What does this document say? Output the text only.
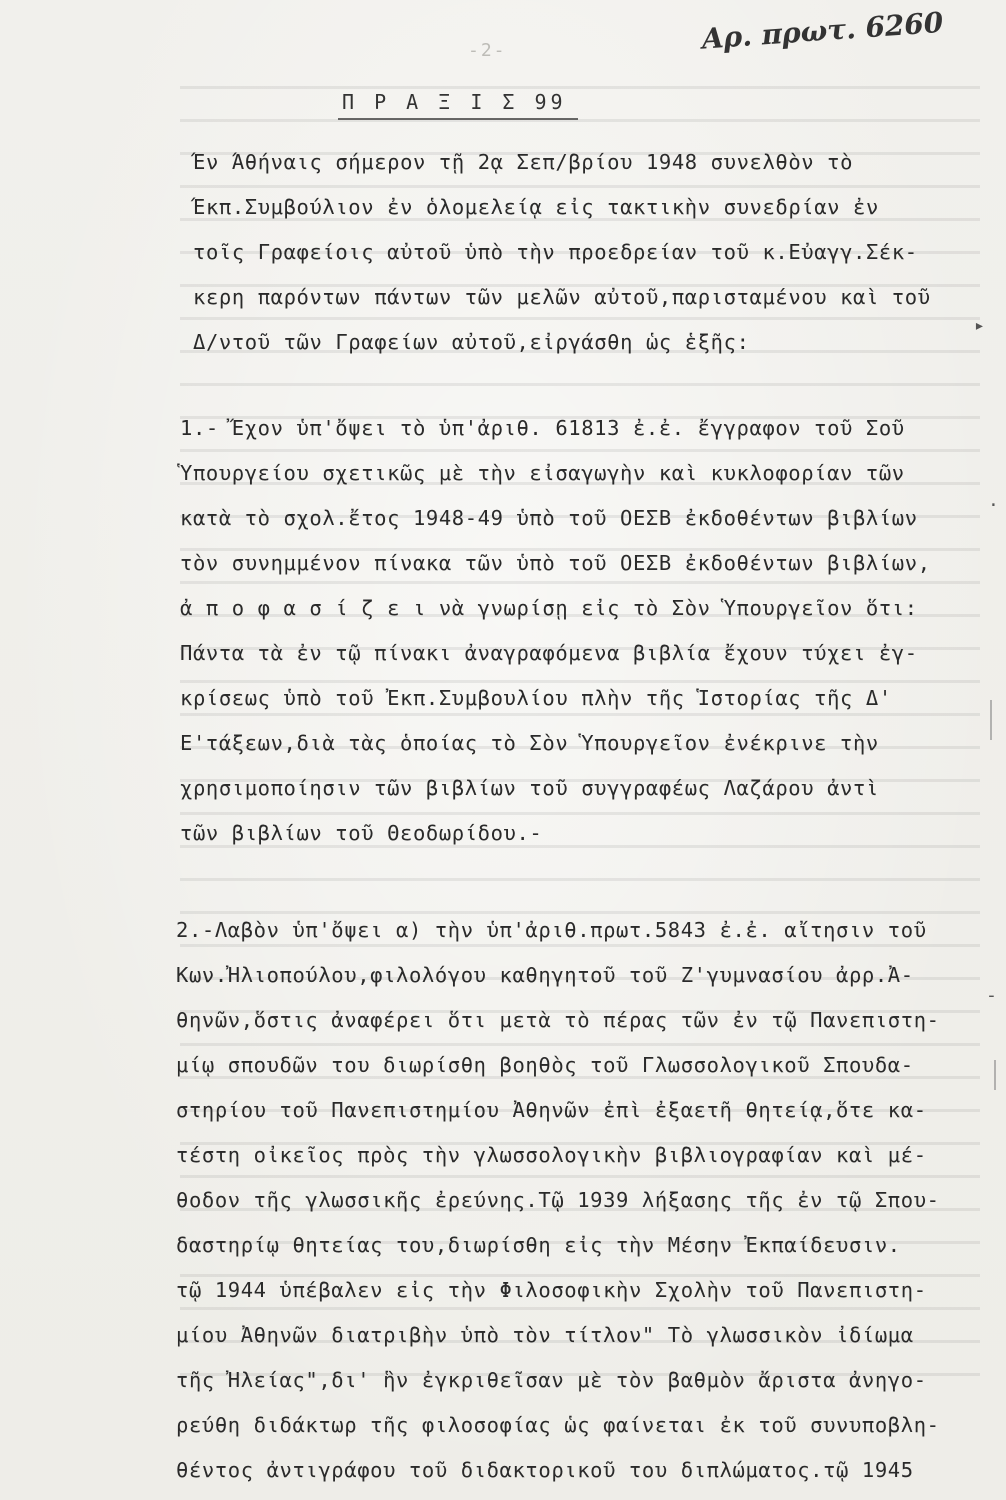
-2-	Αρ. πρωτ. 6260
Π Ρ Α Ξ Ι Σ 99
Έν Άθήναις σήμερον τῇ 2ᾳ Σεπ/βρίου 1948 συνελθὸν τὸ
Έκπ.Συμβούλιον ἐν ὁλομελείᾳ εἰς τακτικὴν συνεδρίαν ἐν
τοῖς Γραφείοις αὐτοῦ ὑπὸ τὴν προεδρείαν τοῦ κ.Εὐαγγ.Σέκ-
κερη παρόντων πάντων τῶν μελῶν αὐτοῦ,παρισταμένου καὶ τοῦ
Δ/ντοῦ τῶν Γραφείων αὐτοῦ,εἰργάσθη ὡς ἑξῆς:
1.- Ἔχον ὑπ'ὄψει τὸ ὑπ'ἀριθ. 61813 ἐ.ἐ. ἔγγραφον τοῦ Σοῦ
Ὑπουργείου σχετικῶς μὲ τὴν εἰσαγωγὴν καὶ κυκλοφορίαν τῶν
κατὰ τὸ σχολ.ἔτος 1948-49 ὑπὸ τοῦ ΟΕΣΒ ἐκδοθέντων βιβλίων
τὸν συνημμένον πίνακα τῶν ὑπὸ τοῦ ΟΕΣΒ ἐκδοθέντων βιβλίων,
ἀ π ο φ α σ ί ζ ε ι νὰ γνωρίσῃ εἰς τὸ Σὸν Ὑπουργεῖον ὅτι:
Πάντα τὰ ἐν τῷ πίνακι ἀναγραφόμενα βιβλία ἔχουν τύχει ἐγ-
κρίσεως ὑπὸ τοῦ Ἐκπ.Συμβουλίου πλὴν τῆς Ἱστορίας τῆς Δ'
Ε'τάξεων,διὰ τὰς ὁποίας τὸ Σὸν Ὑπουργεῖον ἐνέκρινε τὴν
χρησιμοποίησιν τῶν βιβλίων τοῦ συγγραφέως Λαζάρου ἀντὶ
τῶν βιβλίων τοῦ Θεοδωρίδου.-
2.-Λαβὸν ὑπ'ὄψει α) τὴν ὑπ'ἀριθ.πρωτ.5843 ἐ.ἐ. αἴτησιν τοῦ
Κων.Ἠλιοπούλου,φιλολόγου καθηγητοῦ τοῦ Ζ'γυμνασίου ἀρρ.Ἀ-
θηνῶν,ὅστις ἀναφέρει ὅτι μετὰ τὸ πέρας τῶν ἐν τῷ Πανεπιστη-
μίῳ σπουδῶν του διωρίσθη βοηθὸς τοῦ Γλωσσολογικοῦ Σπουδα-
στηρίου τοῦ Πανεπιστημίου Ἀθηνῶν ἐπὶ ἐξαετῆ θητείᾳ,ὅτε κα-
τέστη οἰκεῖος πρὸς τὴν γλωσσολογικὴν βιβλιογραφίαν καὶ μέ-
θοδον τῆς γλωσσικῆς ἐρεύνης.Τῷ 1939 λήξασης τῆς ἐν τῷ Σπου-
δαστηρίῳ θητείας του,διωρίσθη εἰς τὴν Μέσην Ἐκπαίδευσιν.
τῷ 1944 ὑπέβαλεν εἰς τὴν Φιλοσοφικὴν Σχολὴν τοῦ Πανεπιστη-
μίου Ἀθηνῶν διατριβὴν ὑπὸ τὸν τίτλον" Τὸ γλωσσικὸν ἰδίωμα
τῆς Ἠλείας",δι' ἣν ἐγκριθεῖσαν μὲ τὸν βαθμὸν ἄριστα ἀνηγο-
ρεύθη διδάκτωρ τῆς φιλοσοφίας ὡς φαίνεται ἐκ τοῦ συνυποβλη-
θέντος ἀντιγράφου τοῦ διδακτορικοῦ του διπλώματος.τῷ 1945
▸
·
-
